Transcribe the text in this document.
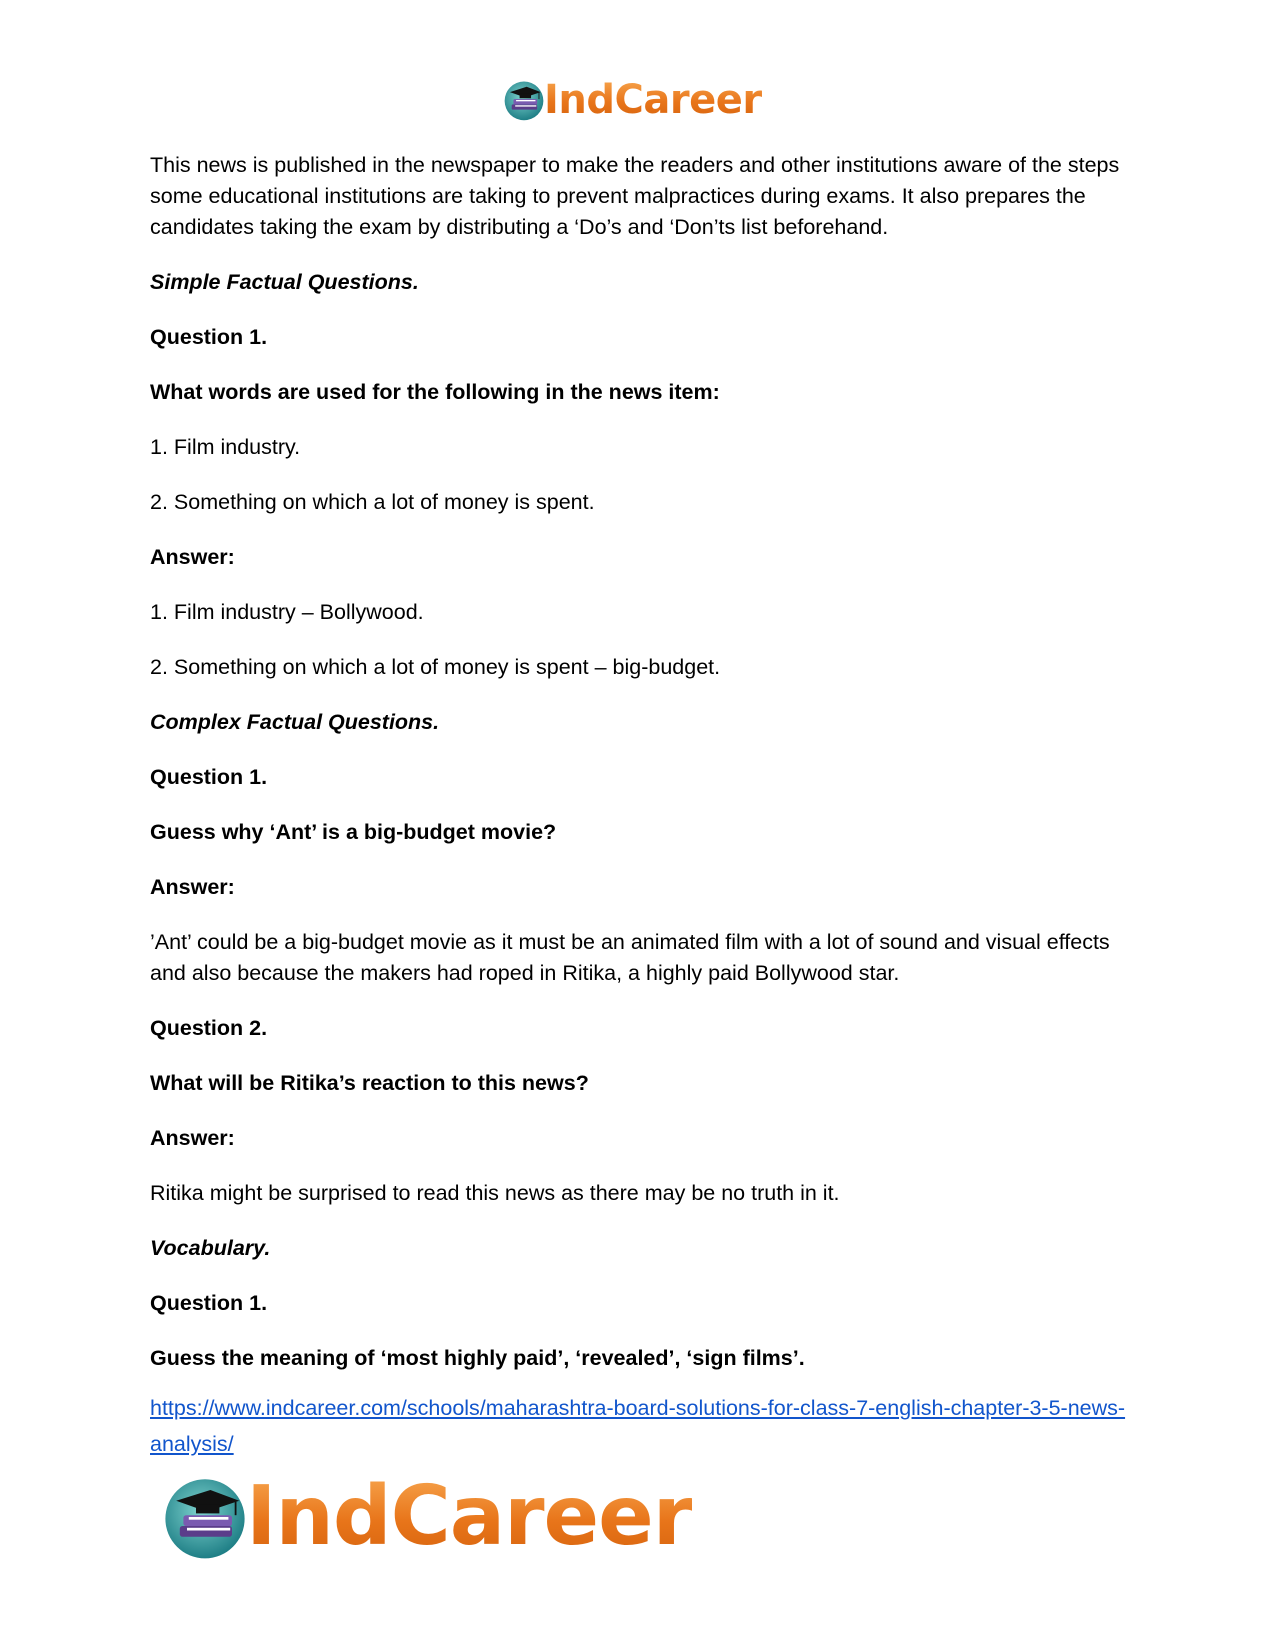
IndCareer

This news is published in the newspaper to make the readers and other institutions aware of the steps some educational institutions are taking to prevent malpractices during exams. It also prepares the candidates taking the exam by distributing a ‘Do’s and ‘Don’ts list beforehand.

Simple Factual Questions.
Question 1.
What words are used for the following in the news item:
1. Film industry.
2. Something on which a lot of money is spent.
Answer:
1. Film industry – Bollywood.
2. Something on which a lot of money is spent – big-budget.
Complex Factual Questions.
Question 1.
Guess why ‘Ant’ is a big-budget movie?
Answer:

’Ant’ could be a big-budget movie as it must be an animated film with a lot of sound and visual effects and also because the makers had roped in Ritika, a highly paid Bollywood star.

Question 2.
What will be Ritika’s reaction to this news?
Answer:
Ritika might be surprised to read this news as there may be no truth in it.
Vocabulary.
Question 1.
Guess the meaning of ‘most highly paid’, ‘revealed’, ‘sign films’.
https://www.indcareer.com/schools/maharashtra-board-solutions-for-class-7-english-chapter-3-5-news-analysis/
IndCareer
